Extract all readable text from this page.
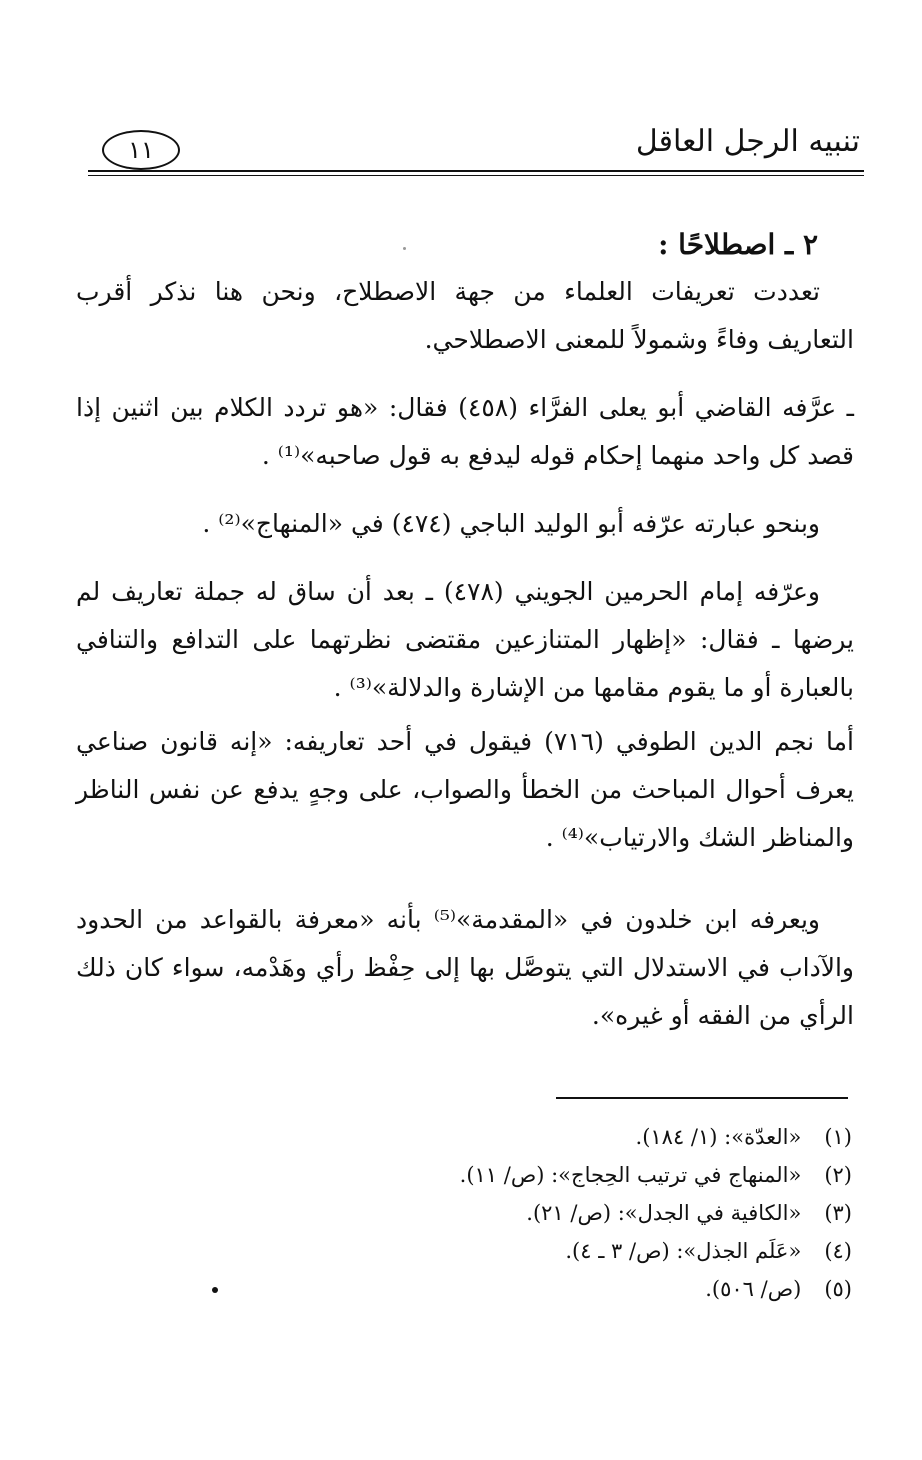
تنبيه الرجل العاقل
١١
٢ ـ اصطلاحًا :

تعددت تعريفات العلماء من جهة الاصطلاح، ونحن هنا نذكر أقرب التعاريف وفاءً وشمولاً للمعنى الاصطلاحي.

ـ عرَّفه القاضي أبو يعلى الفرَّاء (٤٥٨) فقال: «هو تردد الكلام بين اثنين إذا قصد كل واحد منهما إحكام قوله ليدفع به قول صاحبه»⁽¹⁾ .

وبنحو عبارته عرّفه أبو الوليد الباجي (٤٧٤) في «المنهاج»⁽²⁾ .

وعرّفه إمام الحرمين الجويني (٤٧٨) ـ بعد أن ساق له جملة تعاريف لم يرضها ـ فقال: «إظهار المتنازعين مقتضى نظرتهما على التدافع والتنافي بالعبارة أو ما يقوم مقامها من الإشارة والدلالة»⁽³⁾ .

أما نجم الدين الطوفي (٧١٦) فيقول في أحد تعاريفه: «إنه قانون صناعي يعرف أحوال المباحث من الخطأ والصواب، على وجهٍ يدفع عن نفس الناظر والمناظر الشك والارتياب»⁽⁴⁾ .

ويعرفه ابن خلدون في «المقدمة»⁽⁵⁾ بأنه «معرفة بالقواعد من الحدود والآداب في الاستدلال التي يتوصَّل بها إلى حِفْظ رأي وهَدْمه، سواء كان ذلك الرأي من الفقه أو غيره».

(١) «العدّة»: (١/ ١٨٤).
(٢) «المنهاج في ترتيب الحِجاج»: (ص/ ١١).
(٣) «الكافية في الجدل»: (ص/ ٢١).
(٤) «عَلَم الجذل»: (ص/ ٣ ـ ٤).
(٥) (ص/ ٥٠٦).
